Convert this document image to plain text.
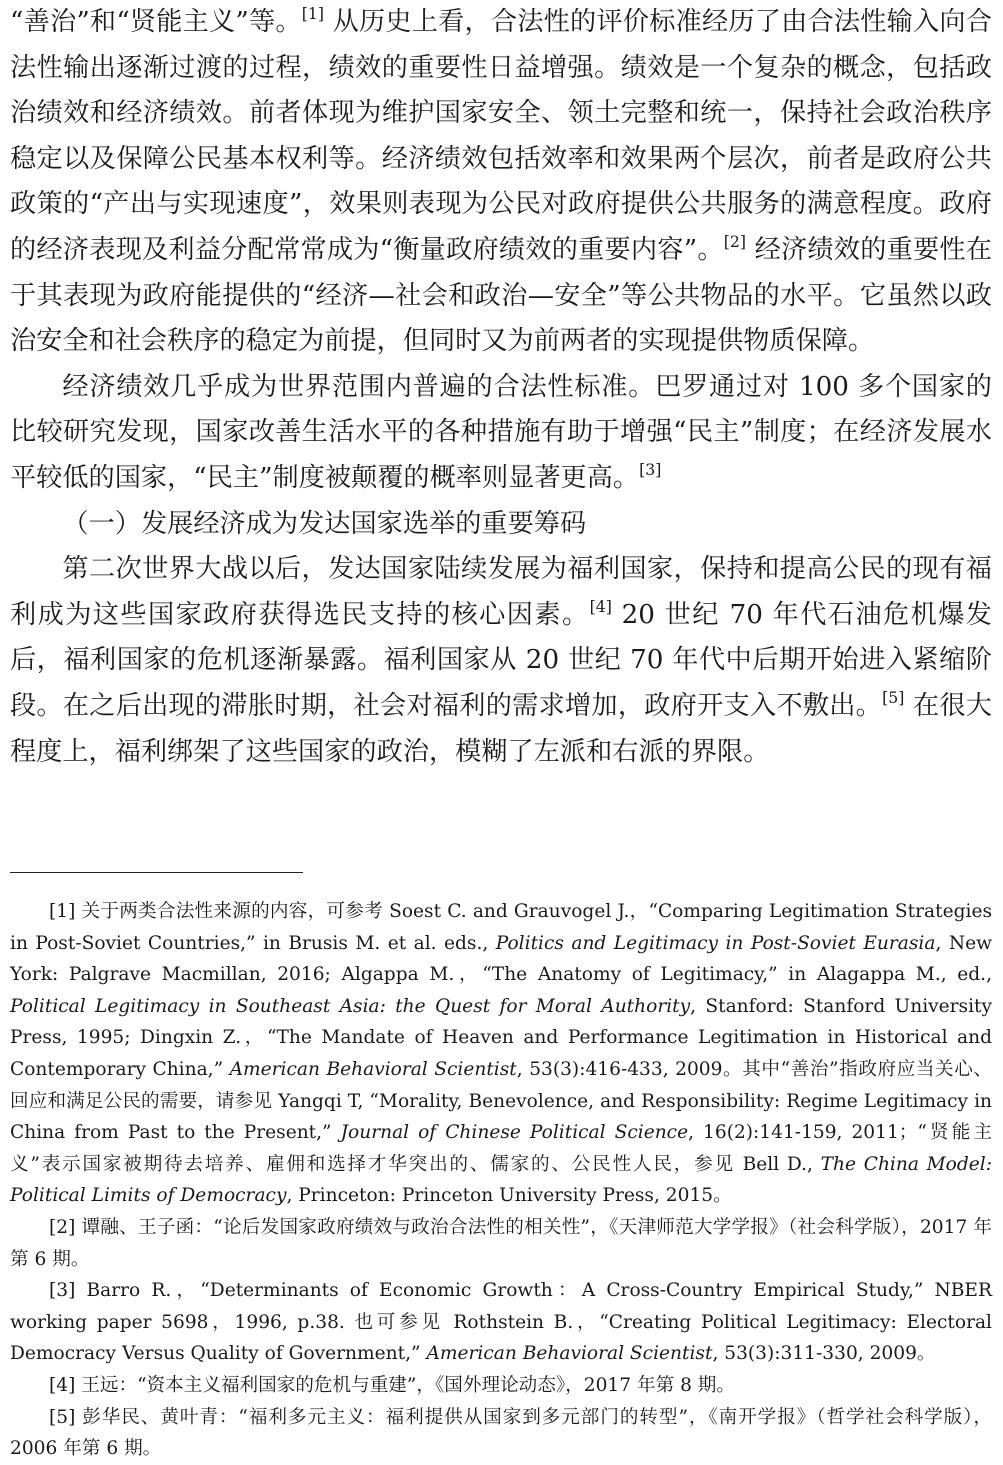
“善治”和“贤能主义”等。[1] 从历史上看，合法性的评价标准经历了由合法性输入向合法性输出逐渐过渡的过程，绩效的重要性日益增强。绩效是一个复杂的概念，包括政治绩效和经济绩效。前者体现为维护国家安全、领土完整和统一，保持社会政治秩序稳定以及保障公民基本权利等。经济绩效包括效率和效果两个层次，前者是政府公共政策的“产出与实现速度”，效果则表现为公民对政府提供公共服务的满意程度。政府的经济表现及利益分配常常成为“衡量政府绩效的重要内容”。[2] 经济绩效的重要性在于其表现为政府能提供的“经济—社会和政治—安全”等公共物品的水平。它虽然以政治安全和社会秩序的稳定为前提，但同时又为前两者的实现提供物质保障。

经济绩效几乎成为世界范围内普遍的合法性标准。巴罗通过对 100 多个国家的比较研究发现，国家改善生活水平的各种措施有助于增强“民主”制度；在经济发展水平较低的国家，“民主”制度被颠覆的概率则显著更高。[3]

（一）发展经济成为发达国家选举的重要筹码

第二次世界大战以后，发达国家陆续发展为福利国家，保持和提高公民的现有福利成为这些国家政府获得选民支持的核心因素。[4] 20 世纪 70 年代石油危机爆发后，福利国家的危机逐渐暴露。福利国家从 20 世纪 70 年代中后期开始进入紧缩阶段。在之后出现的滞胀时期，社会对福利的需求增加，政府开支入不敷出。[5] 在很大程度上，福利绑架了这些国家的政治，模糊了左派和右派的界限。

[1] 关于两类合法性来源的内容，可参考 Soest C. and Grauvogel J.，“Comparing Legitimation Strategies in Post-Soviet Countries,” in Brusis M. et al. eds., Politics and Legitimacy in Post-Soviet Eurasia, New York: Palgrave Macmillan, 2016; Algappa M.，“The Anatomy of Legitimacy,” in Alagappa M., ed., Political Legitimacy in Southeast Asia: the Quest for Moral Authority, Stanford: Stanford University Press, 1995; Dingxin Z.，“The Mandate of Heaven and Performance Legitimation in Historical and Contemporary China,” American Behavioral Scientist, 53(3):416-433, 2009。其中“善治”指政府应当关心、回应和满足公民的需要，请参见 Yangqi T, “Morality, Benevolence, and Responsibility: Regime Legitimacy in China from Past to the Present,” Journal of Chinese Political Science, 16(2):141-159, 2011；“贤能主义”表示国家被期待去培养、雇佣和选择才华突出的、儒家的、公民性人民，参见 Bell D., The China Model: Political Limits of Democracy, Princeton: Princeton University Press, 2015。

[2] 谭融、王子函：“论后发国家政府绩效与政治合法性的相关性”，《天津师范大学学报》（社会科学版），2017 年第 6 期。

[3] Barro R.，“Determinants of Economic Growth：A Cross-Country Empirical Study,” NBER working paper 5698，1996, p.38. 也可参见 Rothstein B.，“Creating Political Legitimacy: Electoral Democracy Versus Quality of Government,” American Behavioral Scientist, 53(3):311-330, 2009。

[4] 王远：“资本主义福利国家的危机与重建”，《国外理论动态》，2017 年第 8 期。

[5] 彭华民、黄叶青：“福利多元主义：福利提供从国家到多元部门的转型”，《南开学报》（哲学社会科学版），2006 年第 6 期。
